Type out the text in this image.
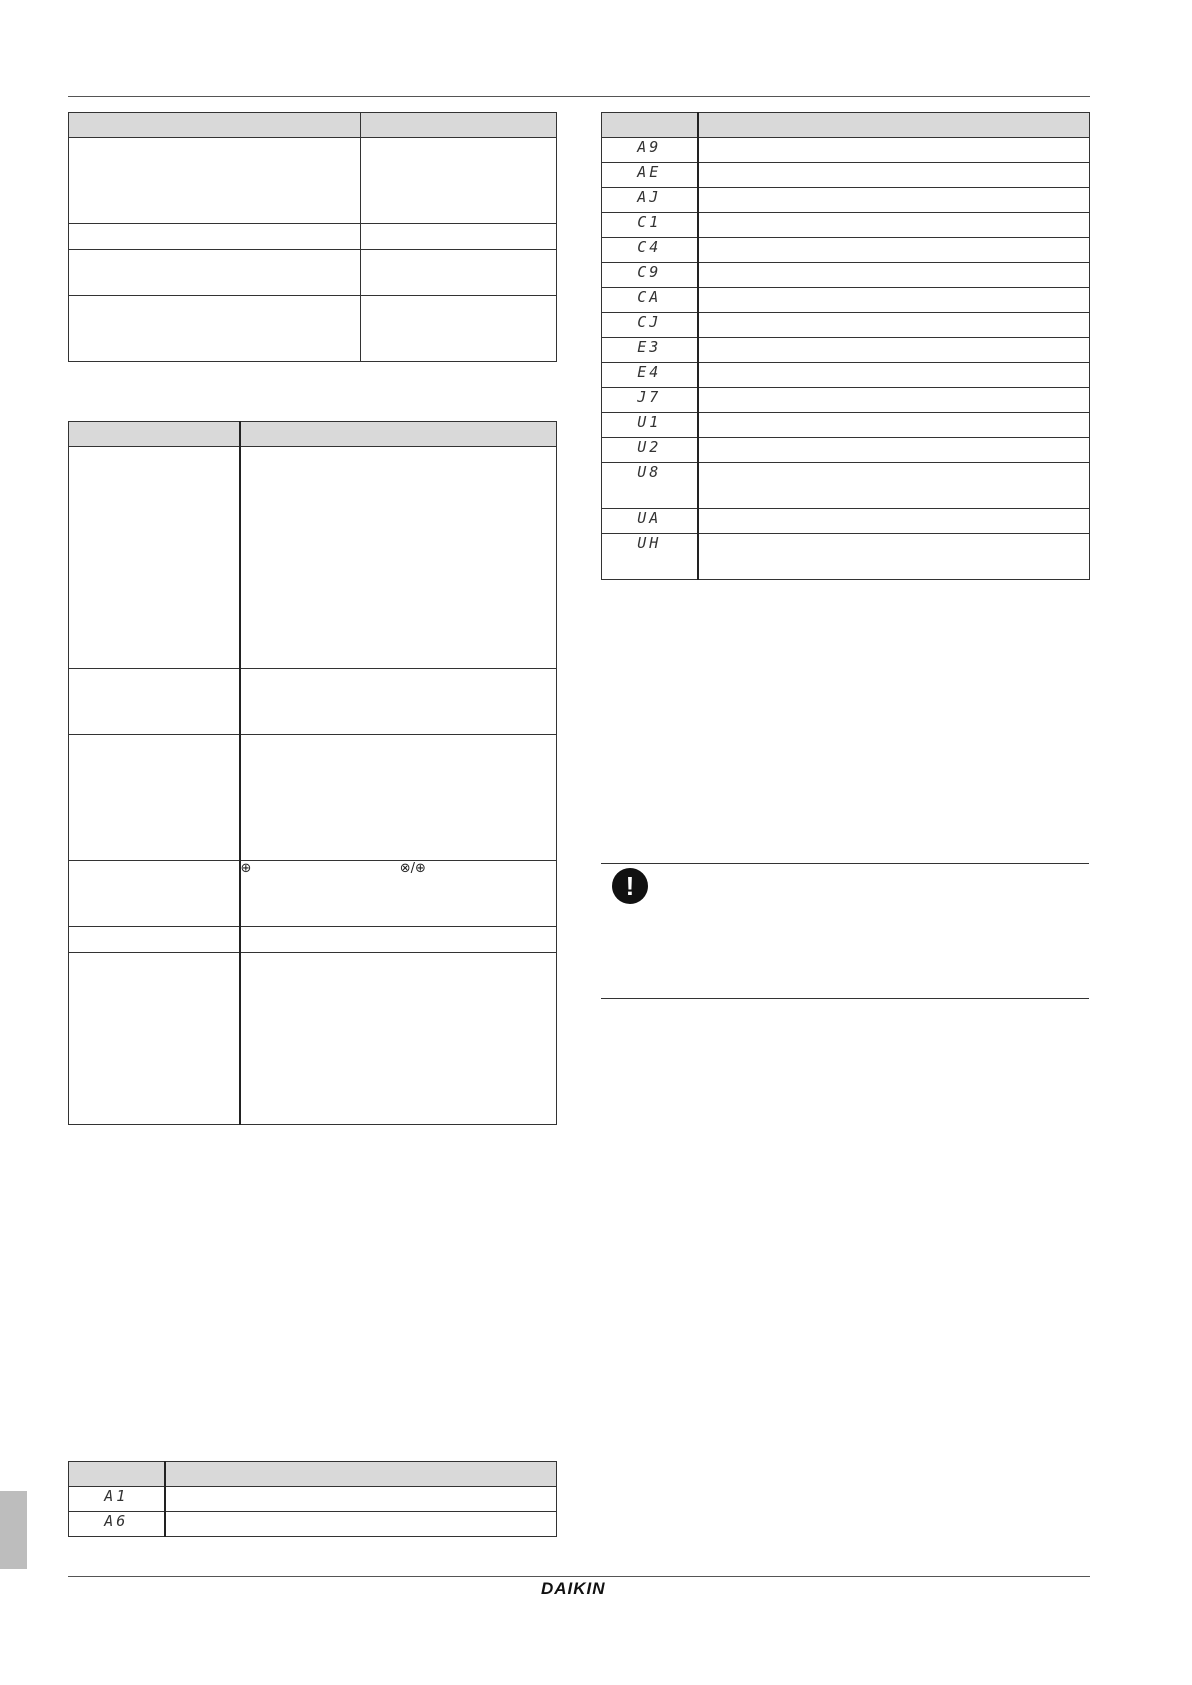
	⊕ ⊗/⊕

A1	
A6	

A9	
AE	
AJ	
C1	
C4	
C9	
CA	
CJ	
E3	
E4	
J7	
U1	
U2	
U8	
UA	
UH	
!
DAIKIN
